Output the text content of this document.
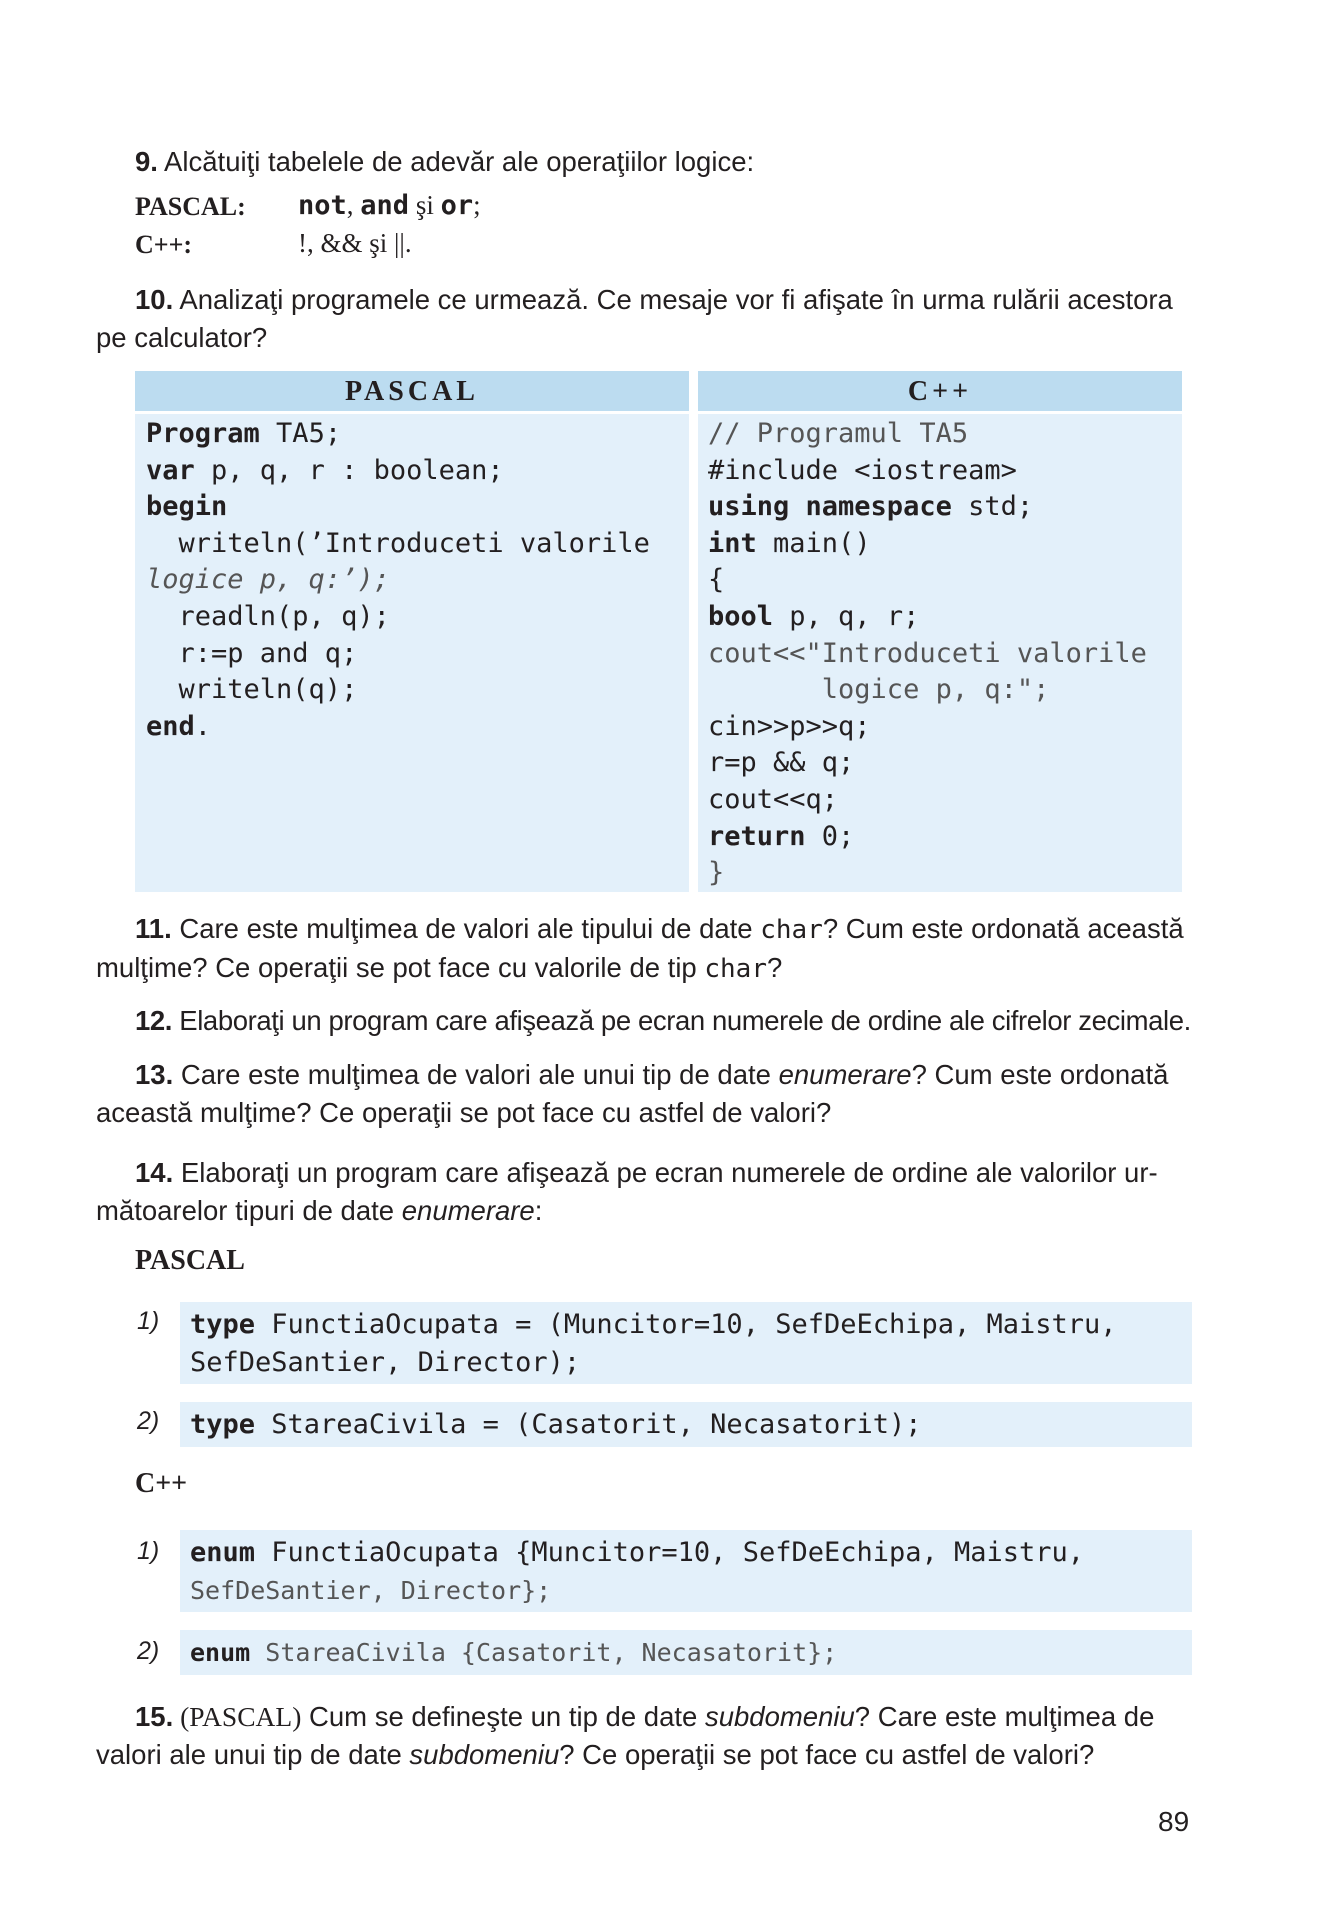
9. Alcătuiţi tabelele de adevăr ale operaţiilor logice:
PASCAL: not, and şi or;
C++:	!, && şi ||.
10. Analizaţi programele ce urmează. Ce mesaje vor fi afişate în urma rulării acestora pe calculator?
PASCAL	C++
Program TA5;
var p, q, r : boolean;
begin
writeln(’Introduceti valorile
logice p, q:’);
readln(p, q);
r:=p and q;
writeln(q);
end.
// Programul TA5
#include <iostream>
using namespace std;
int main()
{
bool p, q, r;
cout<<"Introduceti valorile
logice p, q:";
cin>>p>>q;
r=p && q;
cout<<q;
return 0;
}
11. Care este mulţimea de valori ale tipului de date char? Cum este ordonată această mulţime? Ce operaţii se pot face cu valorile de tip char?
12. Elaboraţi un program care afişează pe ecran numerele de ordine ale cifrelor zecimale.
13. Care este mulţimea de valori ale unui tip de date enumerare? Cum este ordonată această mulţime? Ce operaţii se pot face cu astfel de valori?
14. Elaboraţi un program care afişează pe ecran numerele de ordine ale valorilor ur-mătoarelor tipuri de date enumerare:
PASCAL
1) type FunctiaOcupata = (Muncitor=10, SefDeEchipa, Maistru,
SefDeSantier, Director);
2) type StareaCivila = (Casatorit, Necasatorit);
C++
1) enum FunctiaOcupata {Muncitor=10, SefDeEchipa, Maistru,
SefDeSantier, Director};
2) enum StareaCivila {Casatorit, Necasatorit};
15. (PASCAL) Cum se defineşte un tip de date subdomeniu? Care este mulţimea de valori ale unui tip de date subdomeniu? Ce operaţii se pot face cu astfel de valori?
89
